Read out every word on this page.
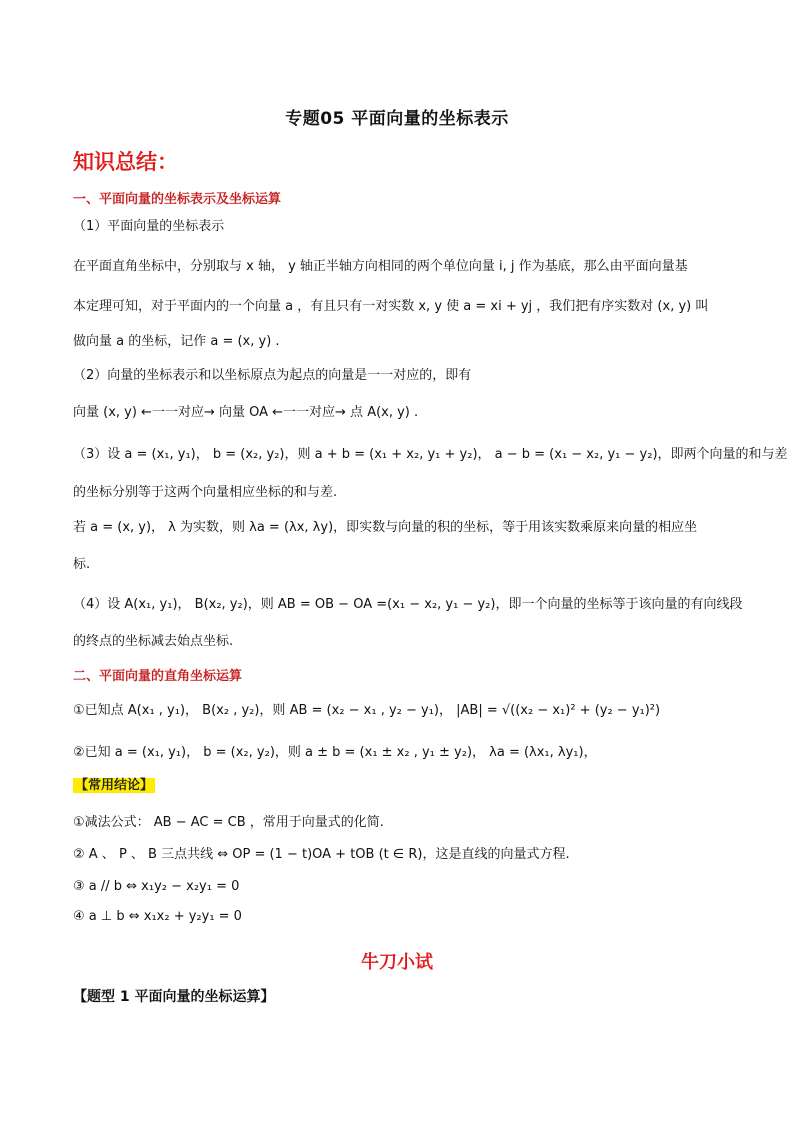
专题05 平面向量的坐标表示
知识总结：
一、平面向量的坐标表示及坐标运算
（1）平面向量的坐标表示
在平面直角坐标中，分别取与 x 轴， y 轴正半轴方向相同的两个单位向量 i, j 作为基底，那么由平面向量基
本定理可知，对于平面内的一个向量 a ，有且只有一对实数 x, y 使 a = xi + yj ，我们把有序实数对 (x, y) 叫
做向量 a 的坐标，记作 a = (x, y) .
（2）向量的坐标表示和以坐标原点为起点的向量是一一对应的，即有
向量 (x, y) ←一一对应→ 向量 OA ←一一对应→ 点 A(x, y) .
（3）设 a = (x₁, y₁)， b = (x₂, y₂)，则 a + b = (x₁ + x₂, y₁ + y₂)， a − b = (x₁ − x₂, y₁ − y₂)，即两个向量的和与差
的坐标分别等于这两个向量相应坐标的和与差.
若 a = (x, y)， λ 为实数，则 λa = (λx, λy)，即实数与向量的积的坐标，等于用该实数乘原来向量的相应坐
标.
（4）设 A(x₁, y₁)， B(x₂, y₂)，则 AB = OB − OA =(x₁ − x₂, y₁ − y₂)，即一个向量的坐标等于该向量的有向线段
的终点的坐标减去始点坐标.
二、平面向量的直角坐标运算
①已知点 A(x₁ , y₁)， B(x₂ , y₂)，则 AB = (x₂ − x₁ , y₂ − y₁)， |AB| = √((x₂ − x₁)² + (y₂ − y₁)²)
②已知 a = (x₁, y₁)， b = (x₂, y₂)，则 a ± b = (x₁ ± x₂ , y₁ ± y₂)， λa = (λx₁, λy₁)，
【常用结论】
①减法公式： AB − AC = CB ，常用于向量式的化简.
② A 、 P 、 B 三点共线 ⇔ OP = (1 − t)OA + tOB (t ∈ R)，这是直线的向量式方程.
③ a // b ⇔ x₁y₂ − x₂y₁ = 0
④ a ⊥ b ⇔ x₁x₂ + y₂y₁ = 0
牛刀小试
【题型 1 平面向量的坐标运算】
